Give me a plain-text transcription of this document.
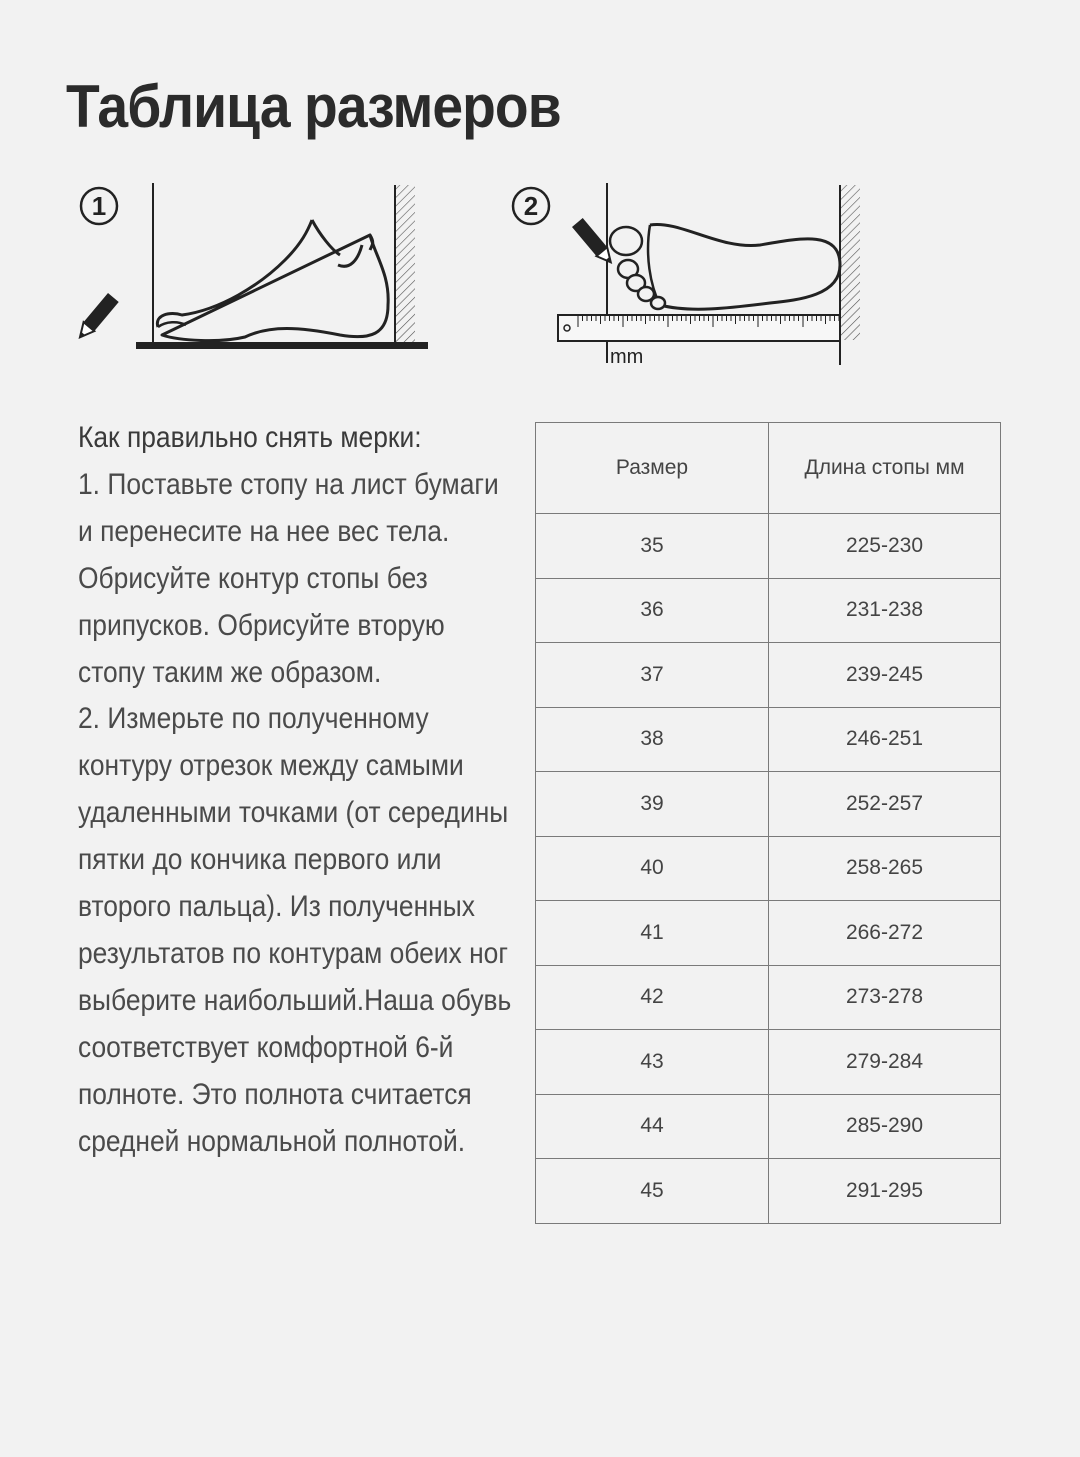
Таблица размеров
1	2
mm

Как правильно снять мерки:

1. Поставьте стопу на лист бумаги и перенесите на нее вес тела. Обрисуйте контур стопы без припусков. Обрисуйте вторую стопу таким же образом.

2. Измерьте по полученному контуру отрезок между самыми удаленными точками (от середины пятки до кончика первого или второго пальца). Из полученных результатов по контурам обеих ног выберите наибольший.Наша обувь соответствует комфортной 6-й полноте. Это полнота считается средней нормальной полнотой.

Размер	Длина стопы мм
35	225-230
36	231-238
37	239-245
38	246-251
39	252-257
40	258-265
41	266-272
42	273-278
43	279-284
44	285-290
45	291-295
